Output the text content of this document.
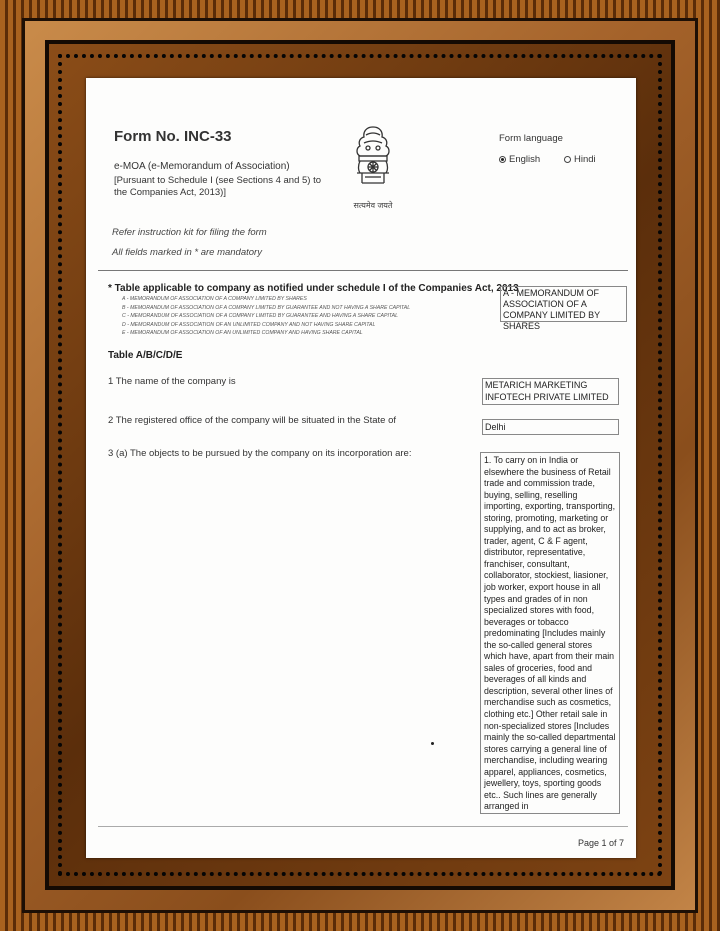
Form No. INC-33
e-MOA (e-Memorandum of Association)
[Pursuant to Schedule I (see Sections 4 and 5) to the Companies Act, 2013)]
सत्यमेव जयते
Form language
English	Hindi
Refer instruction kit for filing the form
All fields marked in * are mandatory
* Table applicable to company as notified under schedule I of the Companies Act, 2013
A - MEMORANDUM OF ASSOCIATION OF A COMPANY LIMITED BY SHARES
B - MEMORANDUM OF ASSOCIATION OF A COMPANY LIMITED BY GUARANTEE AND NOT HAVING A SHARE CAPITAL
C - MEMORANDUM OF ASSOCIATION OF A COMPANY LIMITED BY GUARANTEE AND HAVING A SHARE CAPITAL
D - MEMORANDUM OF ASSOCIATION OF AN UNLIMITED COMPANY AND NOT HAVING SHARE CAPITAL
E - MEMORANDUM OF ASSOCIATION OF AN UNLIMITED COMPANY AND HAVING SHARE CAPITAL
A - MEMORANDUM OF ASSOCIATION OF A COMPANY LIMITED BY SHARES
Table A/B/C/D/E
1 The name of the company is	METARICH MARKETING INFOTECH PRIVATE LIMITED
2 The registered office of the company will be situated in the State of
Delhi
3 (a) The objects to be pursued by the company on its incorporation are:
1. To carry on in India or elsewhere the business of Retail trade and commission trade, buying, selling, reselling importing, exporting, transporting, storing, promoting, marketing or supplying, and to act as broker, trader, agent, C & F agent, distributor, representative, franchiser, consultant, collaborator, stockiest, liasioner, job worker, export house in all types and grades of in non specialized stores with food, beverages or tobacco predominating [Includes mainly the so-called general stores which have, apart from their main sales of groceries, food and beverages of all kinds and description, several other lines of merchandise such as cosmetics, clothing etc.] Other retail sale in non-specialized stores [Includes mainly the so-called departmental stores carrying a general line of merchandise, including wearing apparel, appliances, cosmetics, jewellery, toys, sporting goods etc.. Such lines are generally arranged in
Page 1 of 7
